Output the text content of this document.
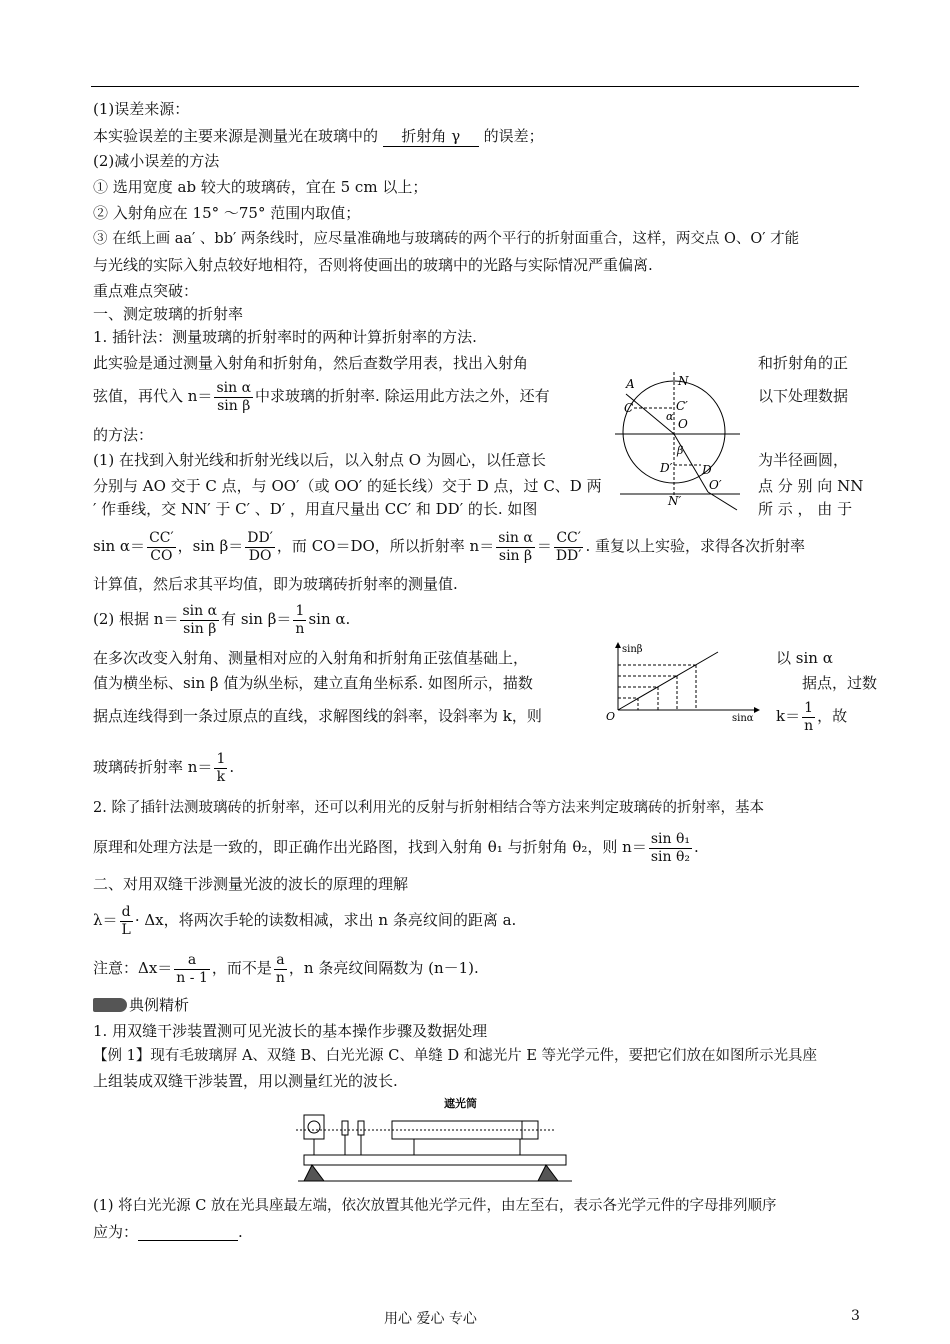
(1)误差来源：
本实验误差的主要来源是测量光在玻璃中的 折射角 γ 的误差；
(2)减小误差的方法
① 选用宽度 ab 较大的玻璃砖，宜在 5 cm 以上；
② 入射角应在 15° ～75° 范围内取值；
③ 在纸上画 aa′ 、bb′ 两条线时，应尽量准确地与玻璃砖的两个平行的折射面重合，这样，两交点 O、O′ 才能
与光线的实际入射点较好地相符，否则将使画出的玻璃中的光路与实际情况严重偏离.
重点难点突破：
一、测定玻璃的折射率
1. 插针法：测量玻璃的折射率时的两种计算折射率的方法.
此实验是通过测量入射角和折射角，然后查数学用表，找出入射角	和折射角的正
弦值，再代入 $n= \frac{\text{sin α}}{\text{sin β}}$ 中求玻璃的折射率. 除运用此方法之外，还有	以下处理数据
的方法：
(1) 在找到入射光线和折射光线以后，以入射点 O 为圆心，以任意长	为半径画圆，
分别与 AO 交于 C 点，与 OO′（或 OO′ 的延长线）交于 D 点，过 C、D 两	点 分 别 向 NN
′ 作垂线，交 NN′ 于 C′ 、D′ ，用直尺量出 CC′ 和 DD′ 的长. 如图	所 示 ， 由 于
$\sin \alpha= \frac{CC'}{CO}$ ，$\sin \beta= \frac{DD'}{DO}$ ，而 CO＝DO，所以折射率 $n= \frac{\text{sin α}}{\text{sin β}} = \frac{CC'}{DD'}$ . 重复以上实验，求得各次折射率
计算值，然后求其平均值，即为玻璃砖折射率的测量值.
(2) 根据 $n= \frac{\text{sin α}}{\text{sin β}}$ 有 $\sin \beta= \frac{1}{n}$ sin α.
在多次改变入射角、测量相对应的入射角和折射角正弦值基础上，	以 sin α
值为横坐标、sin β 值为纵坐标，建立直角坐标系. 如图所示，描数	据点，过数
据点连线得到一条过原点的直线，求解图线的斜率，设斜率为 k，则	$k= \frac{1}{n}$ ，故
玻璃砖折射率 $n= \frac{1}{k}$ .
2. 除了插针法测玻璃砖的折射率，还可以利用光的反射与折射相结合等方法来判定玻璃砖的折射率，基本
原理和处理方法是一致的，即正确作出光路图，找到入射角 θ₁ 与折射角 θ₂，则 $n= \frac{\text{sin θ₁}}{\text{sin θ₂}}$ .
二、对用双缝干涉测量光波的波长的原理的理解
$\lambda= \frac{d}{L} \cdot \Delta x$，将两次手轮的读数相减，求出 n 条亮纹间的距离 a.
注意：$\Delta x= \frac{a}{n - 1}$ ，而不是 $\frac{a}{n}$ ，n 条亮纹间隔数为 (n－1).
典例精析
1. 用双缝干涉装置测可见光波长的基本操作步骤及数据处理
【例 1】现有毛玻璃屏 A、双缝 B、白光光源 C、单缝 D 和滤光片 E 等光学元件，要把它们放在如图所示光具座
上组装成双缝干涉装置，用以测量红光的波长.
(1) 将白光光源 C 放在光具座最左端，依次放置其他光学元件，由左至右，表示各光学元件的字母排列顺序
应为：	.
A	N
C	C′
α
O
β
D′ D
O′
N′
sinβ
sinα
O
遮光筒
用心 爱心 专心	3
